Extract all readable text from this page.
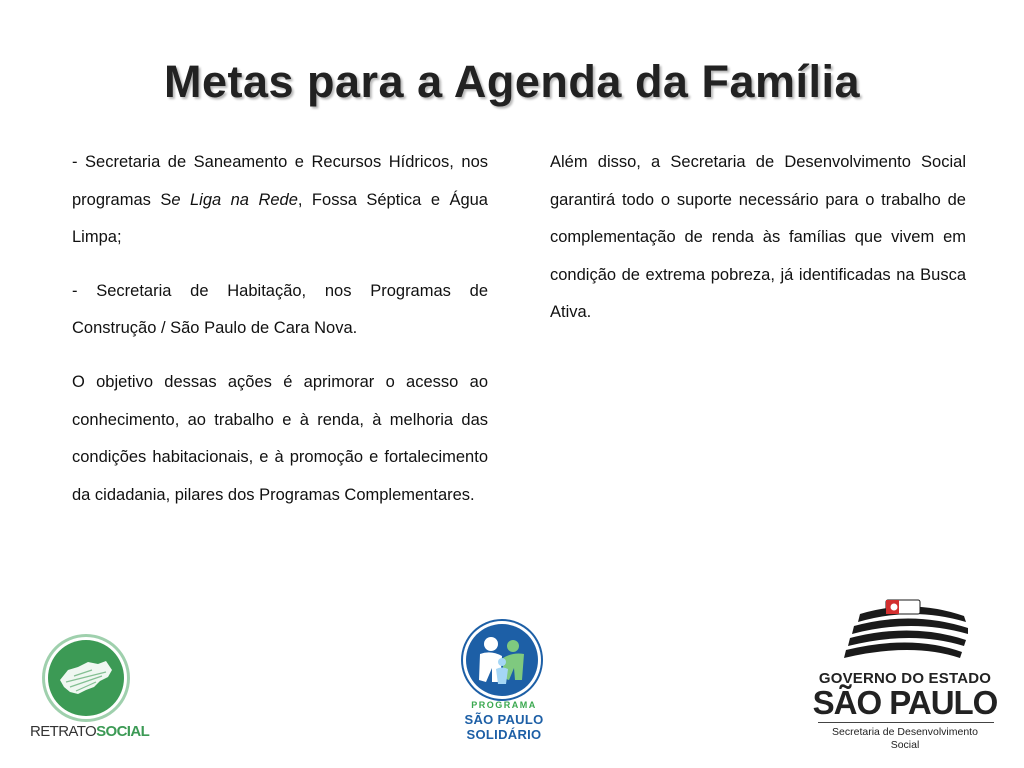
Metas para a Agenda da Família

- Secretaria de Saneamento e Recursos Hídricos, nos programas Se Liga na Rede, Fossa Séptica e Água Limpa;

- Secretaria de Habitação, nos Programas de Construção / São Paulo de Cara Nova.

O objetivo dessas ações é aprimorar o acesso ao conhecimento, ao trabalho e à renda, à melhoria das condições habitacionais, e à promoção e fortalecimento da cidadania, pilares dos Programas Complementares.

Além disso, a Secretaria de Desenvolvimento Social garantirá todo o suporte necessário para o trabalho de complementação de renda às famílias que vivem em condição de extrema pobreza, já identificadas na Busca Ativa.

RETRATOSOCIAL
PROGRAMA
SÃO PAULO
SOLIDÁRIO
GOVERNO DO ESTADO
SÃO PAULO
Secretaria de Desenvolvimento
Social
